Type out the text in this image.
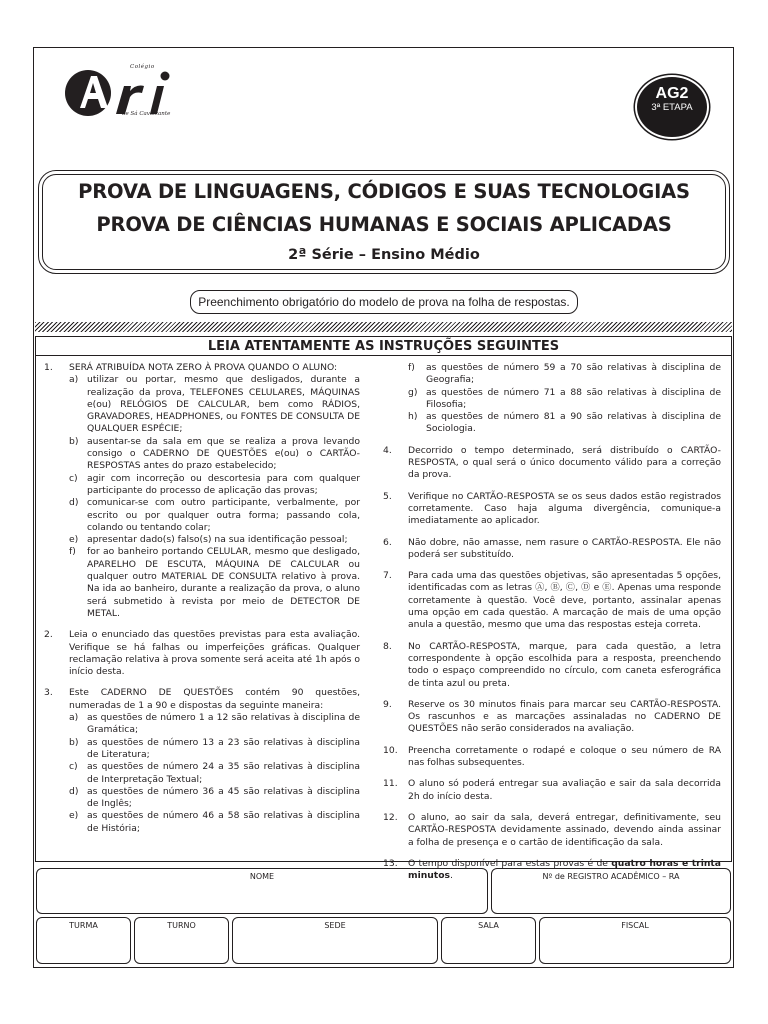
Colégio
de Sá Cavalcante
AG2
3ª ETAPA
PROVA DE LINGUAGENS, CÓDIGOS E SUAS TECNOLOGIAS
PROVA DE CIÊNCIAS HUMANAS E SOCIAIS APLICADAS
2ª Série – Ensino Médio
Preenchimento obrigatório do modelo de prova na folha de respostas.
LEIA ATENTAMENTE AS INSTRUÇÕES SEGUINTES
1. SERÁ ATRIBUÍDA NOTA ZERO À PROVA QUANDO O ALUNO:

a) utilizar ou portar, mesmo que desligados, durante a realização da prova, TELEFONES CELULARES, MÁQUINAS e(ou) RELÓGIOS DE CALCULAR, bem como RÁDIOS, GRAVADORES, HEADPHONES, ou FONTES DE CONSULTA DE QUALQUER ESPÉCIE;
b) ausentar-se da sala em que se realiza a prova levando consigo o CADERNO DE QUESTÕES e(ou) o CARTÃO-RESPOSTAS antes do prazo estabelecido;
c) agir com incorreção ou descortesia para com qualquer participante do processo de aplicação das provas;
d) comunicar-se com outro participante, verbalmente, por escrito ou por qualquer outra forma; passando cola, colando ou tentando colar;
e) apresentar dado(s) falso(s) na sua identificação pessoal;
f) for ao banheiro portando CELULAR, mesmo que desligado, APARELHO DE ESCUTA, MÁQUINA DE CALCULAR ou qualquer outro MATERIAL DE CONSULTA relativo à prova. Na ida ao banheiro, durante a realização da prova, o aluno será submetido à revista por meio de DETECTOR DE METAL.
2. Leia o enunciado das questões previstas para esta avaliação. Verifique se há falhas ou imperfeições gráficas. Qualquer reclamação relativa à prova somente será aceita até 1h após o início desta.

3. Este CADERNO DE QUESTÕES contém 90 questões, numeradas de 1 a 90 e dispostas da seguinte maneira:

a) as questões de número 1 a 12 são relativas à disciplina de Gramática;
b) as questões de número 13 a 23 são relativas à disciplina de Literatura;
c) as questões de número 24 a 35 são relativas à disciplina de Interpretação Textual;
d) as questões de número 36 a 45 são relativas à disciplina de Inglês;
e) as questões de número 46 a 58 são relativas à disciplina de História;
f) as questões de número 59 a 70 são relativas à disciplina de Geografia;
g) as questões de número 71 a 88 são relativas à disciplina de Filosofia;
h) as questões de número 81 a 90 são relativas à disciplina de Sociologia.
4. Decorrido o tempo determinado, será distribuído o CARTÃO-RESPOSTA, o qual será o único documento válido para a correção da prova.

5. Verifique no CARTÃO-RESPOSTA se os seus dados estão registrados corretamente. Caso haja alguma divergência, comunique-a imediatamente ao aplicador.

6. Não dobre, não amasse, nem rasure o CARTÃO-RESPOSTA. Ele não poderá ser substituído.

7. Para cada uma das questões objetivas, são apresentadas 5 opções, identificadas com as letras Ⓐ, Ⓑ, Ⓒ, Ⓓ e Ⓔ. Apenas uma responde corretamente à questão. Você deve, portanto, assinalar apenas uma opção em cada questão. A marcação de mais de uma opção anula a questão, mesmo que uma das respostas esteja correta.

8. No CARTÃO-RESPOSTA, marque, para cada questão, a letra correspondente à opção escolhida para a resposta, preenchendo todo o espaço compreendido no círculo, com caneta esferográfica de tinta azul ou preta.

9. Reserve os 30 minutos finais para marcar seu CARTÃO-RESPOSTA. Os rascunhos e as marcações assinaladas no CADERNO DE QUESTÕES não serão considerados na avaliação.

10. Preencha corretamente o rodapé e coloque o seu número de RA nas folhas subsequentes.

11. O aluno só poderá entregar sua avaliação e sair da sala decorrida 2h do início desta.

12. O aluno, ao sair da sala, deverá entregar, definitivamente, seu CARTÃO-RESPOSTA devidamente assinado, devendo ainda assinar a folha de presença e o cartão de identificação da sala.

13. O tempo disponível para estas provas é de quatro horas e trinta minutos.

NOME	Nº de REGISTRO ACADÊMICO – RA
TURMA	TURNO	SEDE	SALA	FISCAL
